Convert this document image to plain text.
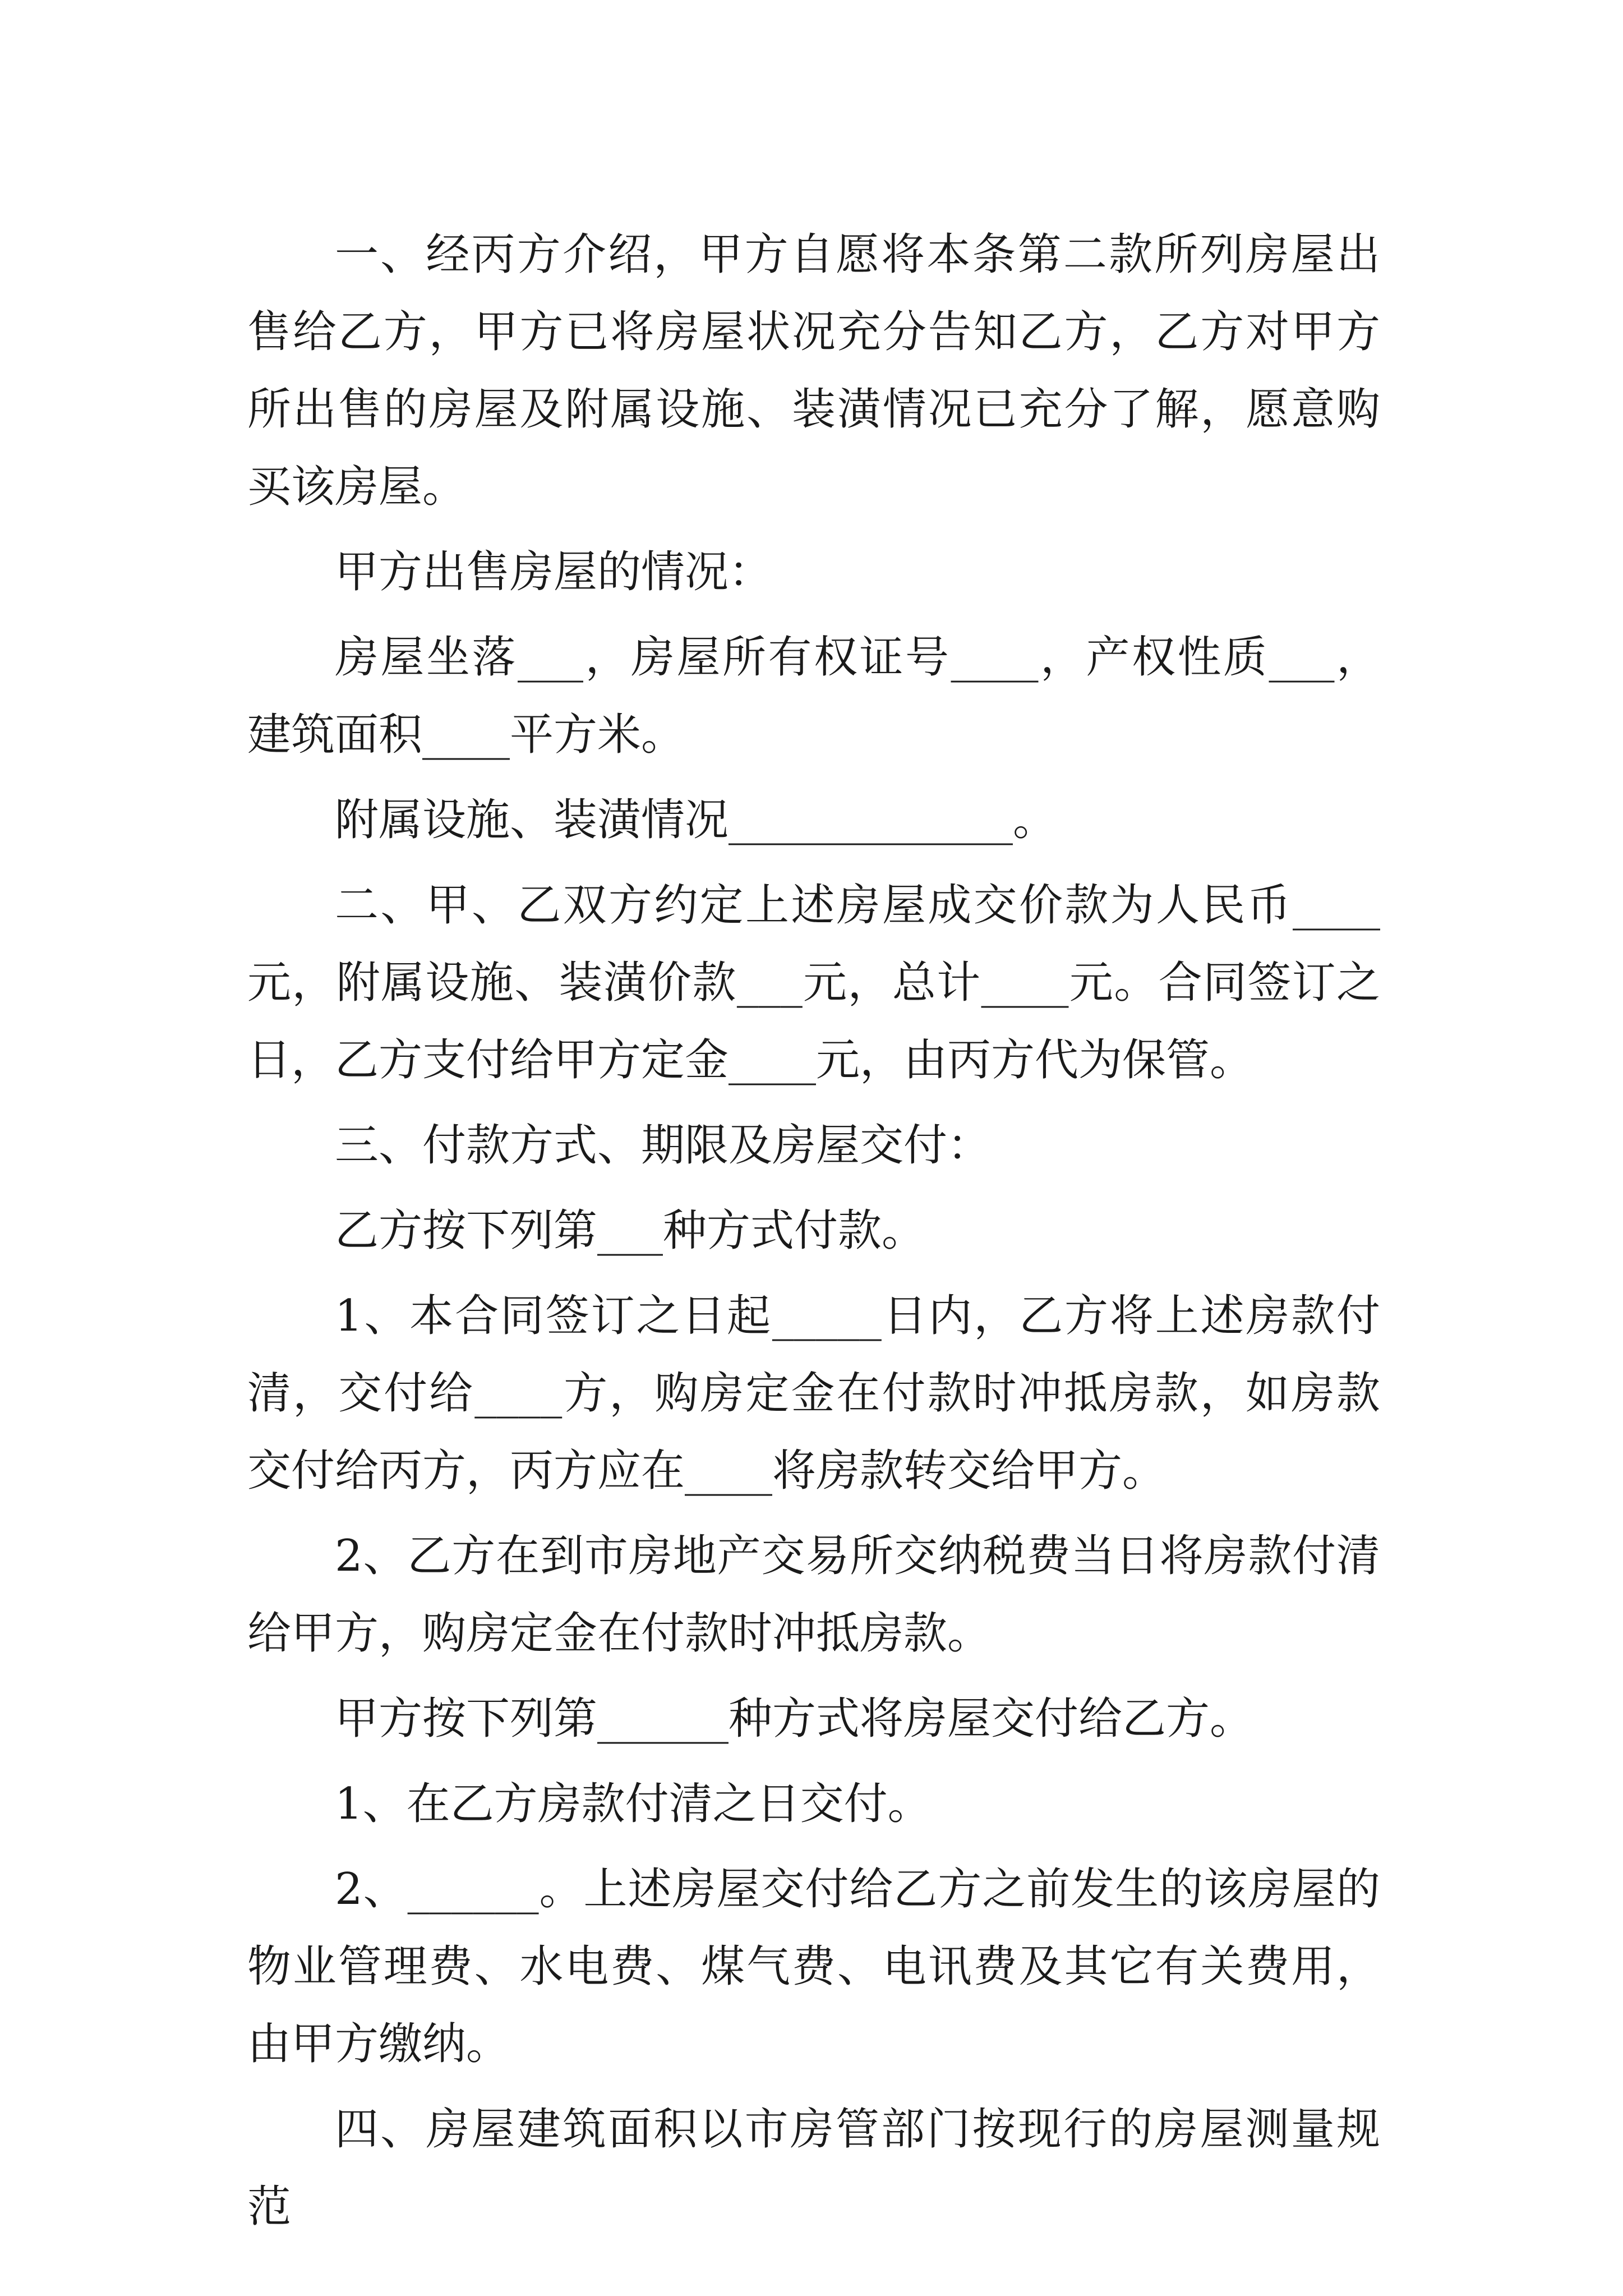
一、经丙方介绍，甲方自愿将本条第二款所列房屋出售给乙方，甲方已将房屋状况充分告知乙方，乙方对甲方所出售的房屋及附属设施、装潢情况已充分了解，愿意购买该房屋。

甲方出售房屋的情况：

房屋坐落___，房屋所有权证号____，产权性质___，建筑面积____平方米。

附属设施、装潢情况_____________。

二、甲、乙双方约定上述房屋成交价款为人民币____元，附属设施、装潢价款___元，总计____元。合同签订之日，乙方支付给甲方定金____元，由丙方代为保管。

三、付款方式、期限及房屋交付：

乙方按下列第___种方式付款。

1、本合同签订之日起_____日内，乙方将上述房款付清，交付给____方，购房定金在付款时冲抵房款，如房款交付给丙方，丙方应在____将房款转交给甲方。

2、乙方在到市房地产交易所交纳税费当日将房款付清给甲方，购房定金在付款时冲抵房款。

甲方按下列第______种方式将房屋交付给乙方。

1、在乙方房款付清之日交付。

2、______。上述房屋交付给乙方之前发生的该房屋的物业管理费、水电费、煤气费、电讯费及其它有关费用，由甲方缴纳。

四、房屋建筑面积以市房管部门按现行的房屋测量规范
